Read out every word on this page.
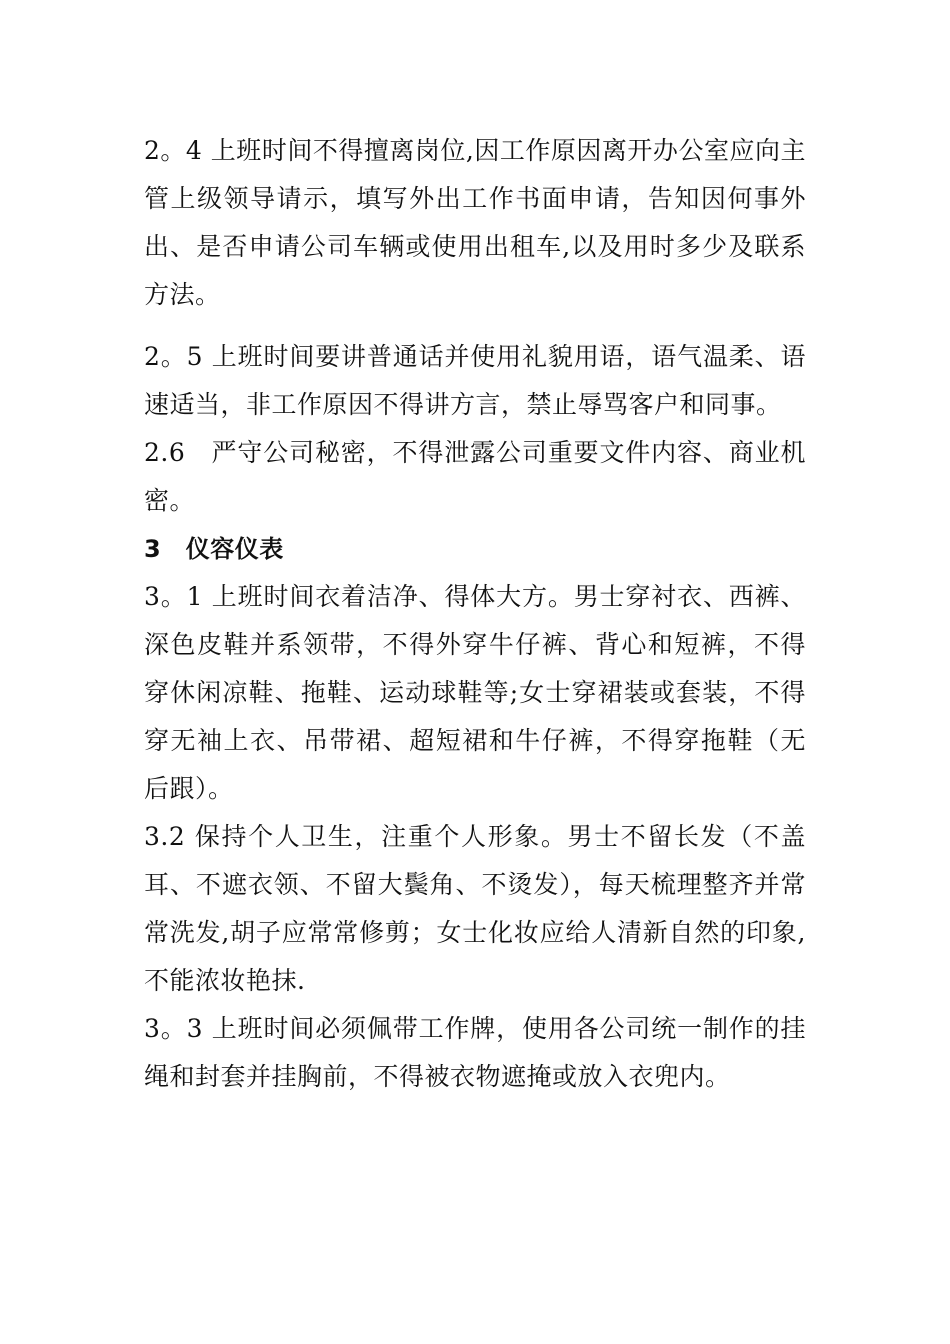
2。4 上班时间不得擅离岗位,因工作原因离开办公室应向主管上级领导请示，填写外出工作书面申请，告知因何事外出、是否申请公司车辆或使用出租车,以及用时多少及联系方法。

2。5 上班时间要讲普通话并使用礼貌用语，语气温柔、语速适当，非工作原因不得讲方言，禁止辱骂客户和同事。

2.6　严守公司秘密，不得泄露公司重要文件内容、商业机密。

3　仪容仪表

3。1 上班时间衣着洁净、得体大方。男士穿衬衣、西裤、深色皮鞋并系领带，不得外穿牛仔裤、背心和短裤，不得穿休闲凉鞋、拖鞋、运动球鞋等;女士穿裙装或套装，不得穿无袖上衣、吊带裙、超短裙和牛仔裤，不得穿拖鞋（无后跟）。

3.2 保持个人卫生，注重个人形象。男士不留长发（不盖耳、不遮衣领、不留大鬓角、不烫发），每天梳理整齐并常常洗发,胡子应常常修剪；女士化妆应给人清新自然的印象,不能浓妆艳抹.

3。3 上班时间必须佩带工作牌，使用各公司统一制作的挂绳和封套并挂胸前，不得被衣物遮掩或放入衣兜内。
